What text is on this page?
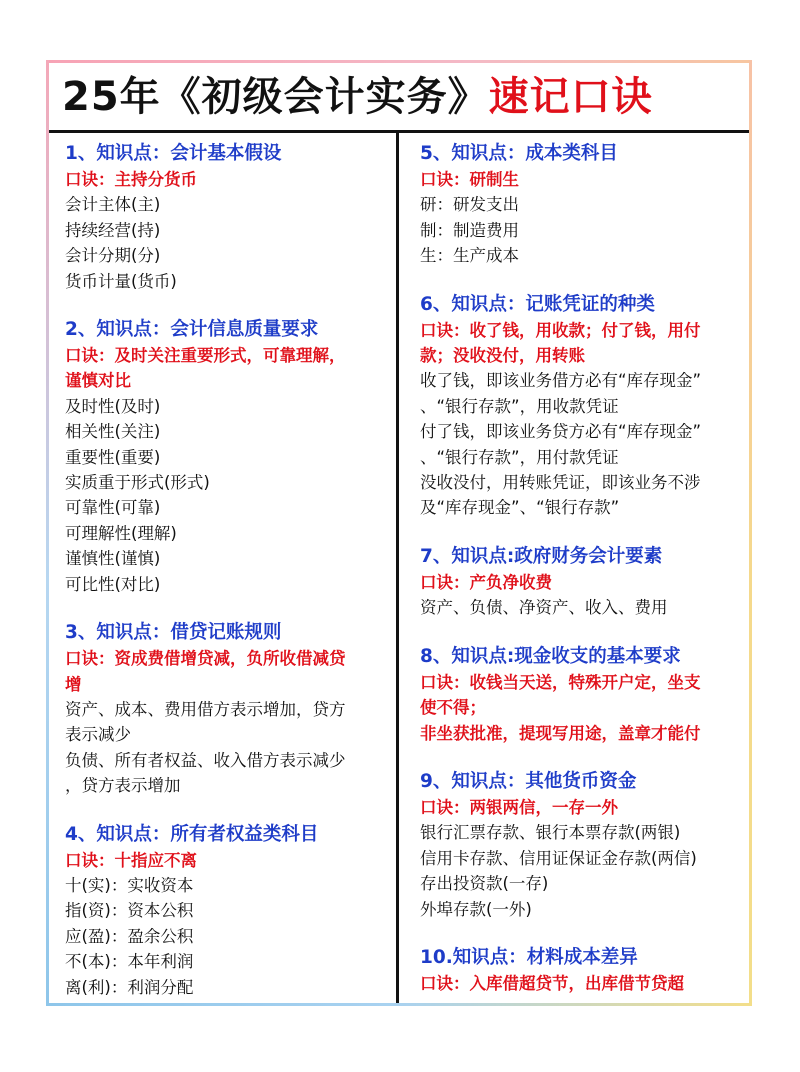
25年《初级会计实务》速记口诀
1、知识点：会计基本假设
口诀：主持分货币
会计主体(主)
持续经营(持)
会计分期(分)
货币计量(货币)
2、知识点：会计信息质量要求
口诀：及时关注重要形式，可靠理解，
谨慎对比
及时性(及时)
相关性(关注)
重要性(重要)
实质重于形式(形式)
可靠性(可靠)
可理解性(理解)
谨慎性(谨慎)
可比性(对比)
3、知识点：借贷记账规则
口诀：资成费借增贷减，负所收借减贷
增
资产、成本、费用借方表示增加，贷方
表示减少
负债、所有者权益、收入借方表示减少
，贷方表示增加
4、知识点：所有者权益类科目
口诀：十指应不离
十(实)：实收资本
指(资)：资本公积
应(盈)：盈余公积
不(本)：本年利润
离(利)：利润分配
5、知识点：成本类科目
口诀：研制生
研：研发支出
制：制造费用
生：生产成本
6、知识点：记账凭证的种类
口诀：收了钱，用收款；付了钱，用付
款；没收没付，用转账
收了钱，即该业务借方必有“库存现金”
、“银行存款”，用收款凭证
付了钱，即该业务贷方必有“库存现金”
、“银行存款”，用付款凭证
没收没付，用转账凭证，即该业务不涉
及“库存现金”、“银行存款”
7、知识点:政府财务会计要素
口诀：产负净收费
资产、负债、净资产、收入、费用
8、知识点:现金收支的基本要求
口诀：收钱当天送，特殊开户定，坐支
使不得；
非坐获批准，提现写用途，盖章才能付
9、知识点：其他货币资金
口诀：两银两信，一存一外
银行汇票存款、银行本票存款(两银)
信用卡存款、信用证保证金存款(两信)
存出投资款(一存)
外埠存款(一外)
10.知识点：材料成本差异
口诀：入库借超贷节，出库借节贷超
